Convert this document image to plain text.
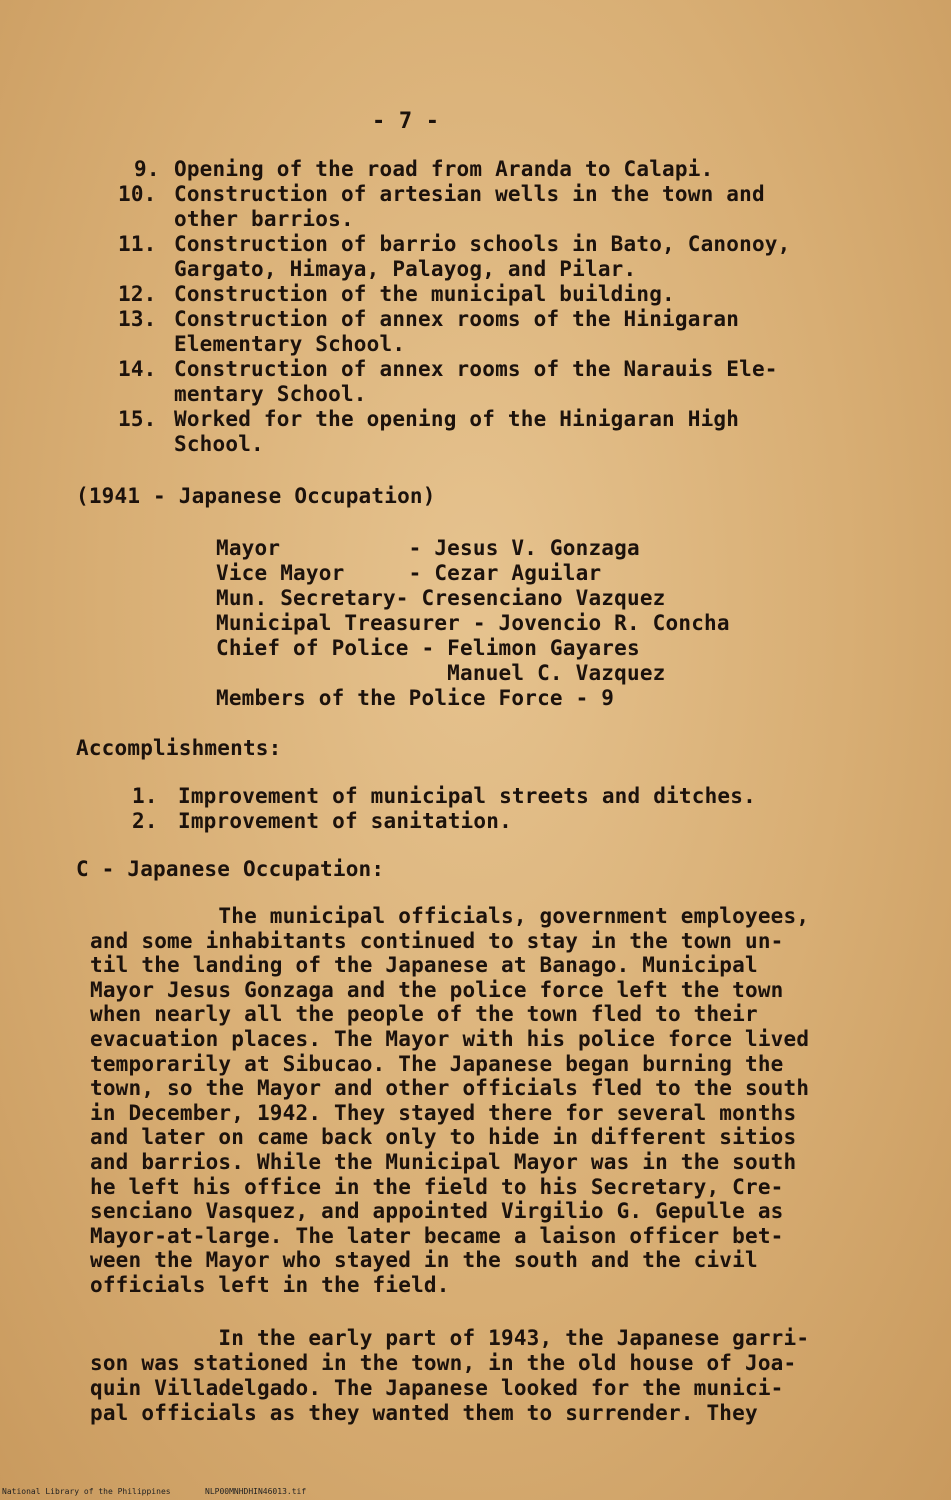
- 7 -
9. Opening of the road from Aranda to Calapi.
10. Construction of artesian wells in the town and
other barrios.
11. Construction of barrio schools in Bato, Canonoy,
Gargato, Himaya, Palayog, and Pilar.
12. Construction of the municipal building.
13. Construction of annex rooms of the Hinigaran
Elementary School.
14. Construction of annex rooms of the Narauis Ele-
mentary School.
15. Worked for the opening of the Hinigaran High
School.
(1941 - Japanese Occupation)
Mayor          - Jesus V. Gonzaga
Vice Mayor     - Cezar Aguilar
Mun. Secretary- Cresenciano Vazquez
Municipal Treasurer - Jovencio R. Concha
Chief of Police - Felimon Gayares
Manuel C. Vazquez
Members of the Police Force - 9
Accomplishments:
1. Improvement of municipal streets and ditches.
2. Improvement of sanitation.
C - Japanese Occupation:
The municipal officials, government employees,
and some inhabitants continued to stay in the town un-
til the landing of the Japanese at Banago. Municipal
Mayor Jesus Gonzaga and the police force left the town
when nearly all the people of the town fled to their
evacuation places. The Mayor with his police force lived
temporarily at Sibucao. The Japanese began burning the
town, so the Mayor and other officials fled to the south
in December, 1942. They stayed there for several months
and later on came back only to hide in different sitios
and barrios. While the Municipal Mayor was in the south
he left his office in the field to his Secretary, Cre-
senciano Vasquez, and appointed Virgilio G. Gepulle as
Mayor-at-large. The later became a laison officer bet-
ween the Mayor who stayed in the south and the civil
officials left in the field.
In the early part of 1943, the Japanese garri-
son was stationed in the town, in the old house of Joa-
quin Villadelgado. The Japanese looked for the munici-
pal officials as they wanted them to surrender. They
National Library of the Philippines	NLP00MNHDHIN46013.tif
